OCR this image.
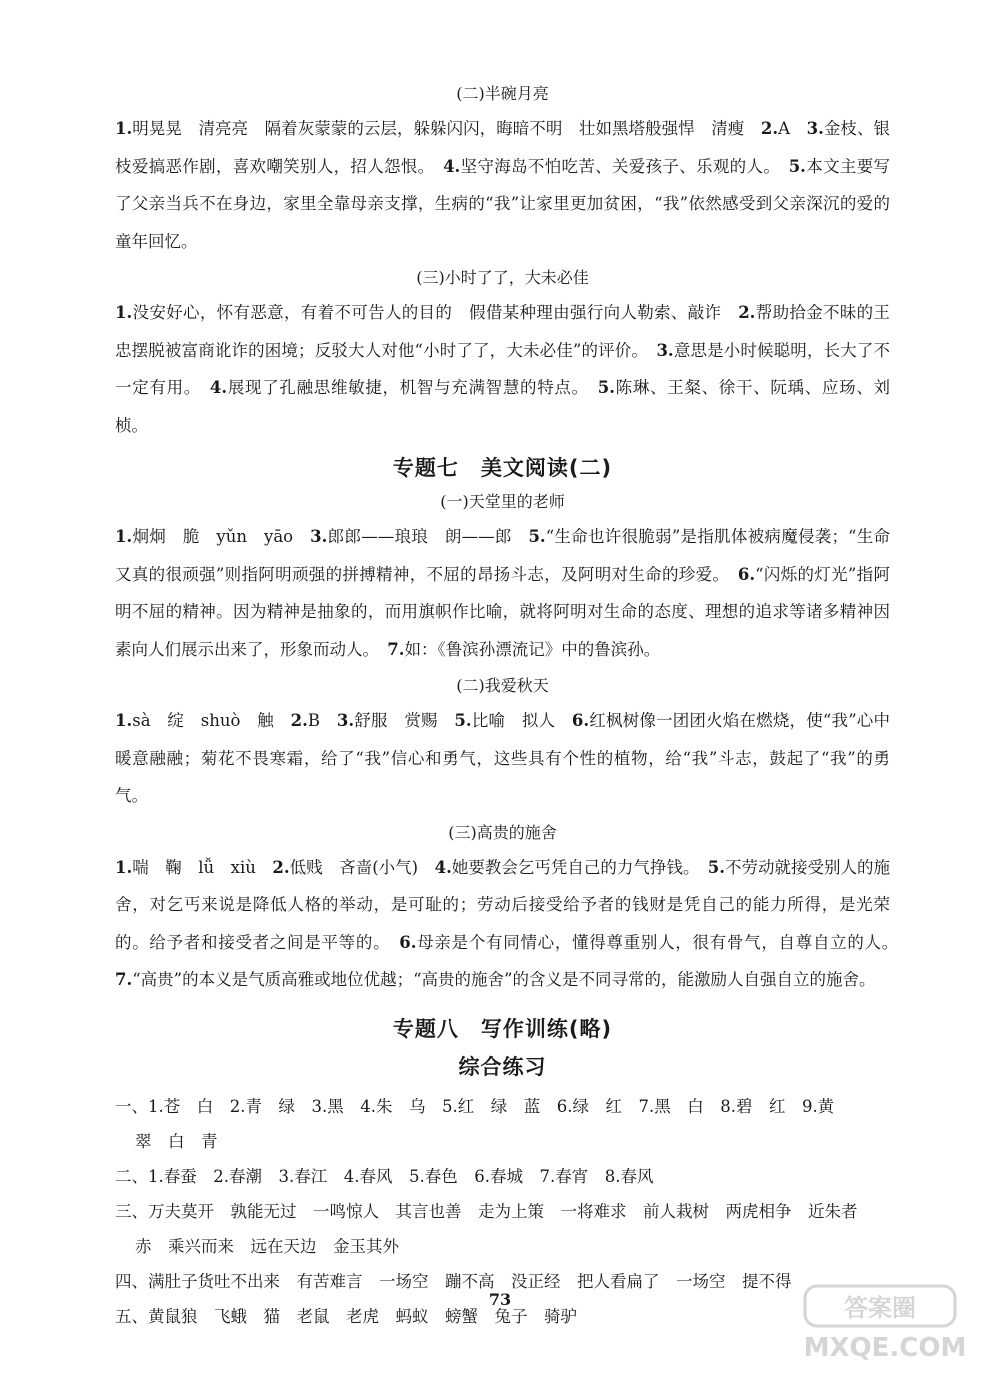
(二)半碗月亮

1.明晃晃　清亮亮　隔着灰蒙蒙的云层，躲躲闪闪，晦暗不明　壮如黑塔般强悍　清瘦　2.A　3.金枝、银枝爱搞恶作剧，喜欢嘲笑别人，招人怨恨。　4.坚守海岛不怕吃苦、关爱孩子、乐观的人。　5.本文主要写了父亲当兵不在身边，家里全靠母亲支撑，生病的“我”让家里更加贫困，“我”依然感受到父亲深沉的爱的童年回忆。

(三)小时了了，大未必佳

1.没安好心，怀有恶意，有着不可告人的目的　假借某种理由强行向人勒索、敲诈　2.帮助拾金不昧的王忠摆脱被富商讹诈的困境；反驳大人对他“小时了了，大未必佳”的评价。　3.意思是小时候聪明，长大了不一定有用。　4.展现了孔融思维敏捷，机智与充满智慧的特点。　5.陈琳、王粲、徐干、阮瑀、应玚、刘桢。

专题七　美文阅读(二)
(一)天堂里的老师

1.炯炯　脆　yǔn　yāo　3.郎郎——琅琅　朗——郎　5.“生命也许很脆弱”是指肌体被病魔侵袭；“生命又真的很顽强”则指阿明顽强的拼搏精神，不屈的昂扬斗志，及阿明对生命的珍爱。　6.“闪烁的灯光”指阿明不屈的精神。因为精神是抽象的，而用旗帜作比喻，就将阿明对生命的态度、理想的追求等诸多精神因素向人们展示出来了，形象而动人。　7.如：《鲁滨孙漂流记》中的鲁滨孙。

(二)我爱秋天

1.sà　绽　shuò　触　2.B　3.舒服　赏赐　5.比喻　拟人　6.红枫树像一团团火焰在燃烧，使“我”心中暖意融融；菊花不畏寒霜，给了“我”信心和勇气，这些具有个性的植物，给“我”斗志，鼓起了“我”的勇气。

(三)高贵的施舍

1.喘　鞠　lǚ　xiù　2.低贱　吝啬(小气)　4.她要教会乞丐凭自己的力气挣钱。　5.不劳动就接受别人的施舍，对乞丐来说是降低人格的举动，是可耻的；劳动后接受给予者的钱财是凭自己的能力所得，是光荣的。给予者和接受者之间是平等的。　6.母亲是个有同情心，懂得尊重别人，很有骨气，自尊自立的人。　7.“高贵”的本义是气质高雅或地位优越；“高贵的施舍”的含义是不同寻常的，能激励人自强自立的施舍。

专题八　写作训练(略)
综合练习
一、1.苍　白　2.青　绿　3.黑　4.朱　乌　5.红　绿　蓝　6.绿　红　7.黑　白　8.碧　红　9.黄
翠　白　青
二、1.春蚕　2.春潮　3.春江　4.春风　5.春色　6.春城　7.春宵　8.春风
三、万夫莫开　孰能无过　一鸣惊人　其言也善　走为上策　一将难求　前人栽树　两虎相争　近朱者
赤　乘兴而来　远在天边　金玉其外
四、满肚子货吐不出来　有苦难言　一场空　蹦不高　没正经　把人看扁了　一场空　提不得
五、黄鼠狼　飞蛾　猫　老鼠　老虎　蚂蚁　螃蟹　兔子　骑驴
73	答案圈
MXQE.COM
